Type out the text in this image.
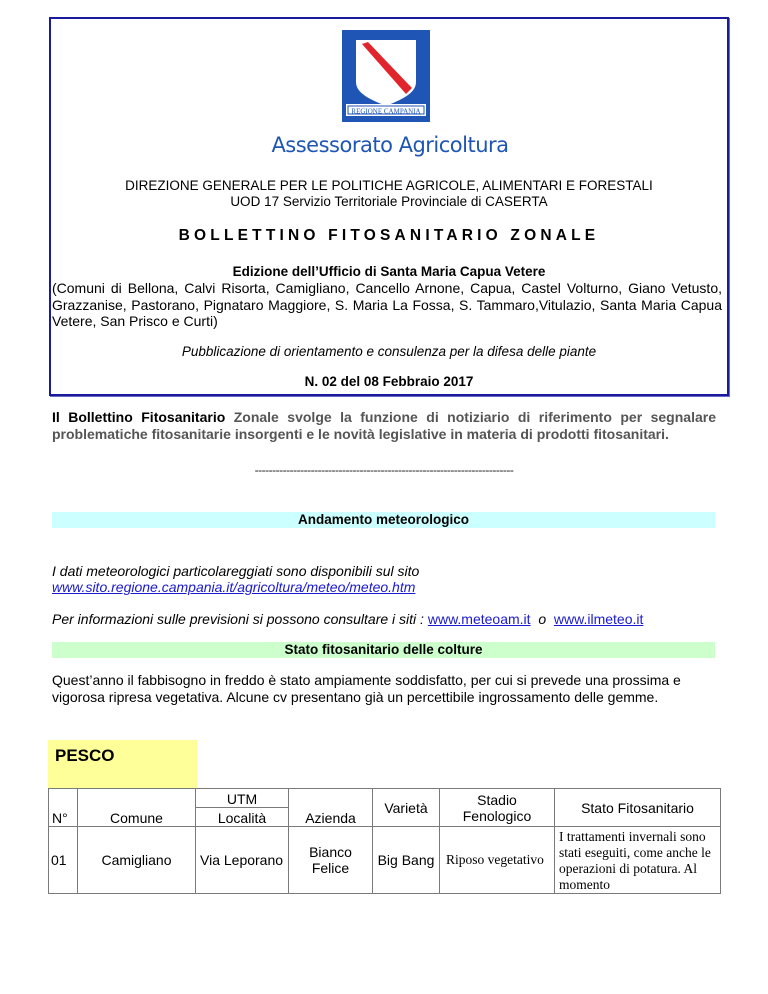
REGIONE CAMPANIA
Assessorato Agricoltura
DIREZIONE GENERALE PER LE POLITICHE AGRICOLE, ALIMENTARI E FORESTALI
UOD 17 Servizio Territoriale Provinciale di CASERTA
BOLLETTINO FITOSANITARIO ZONALE
Edizione dell’Ufficio di Santa Maria Capua Vetere
(Comuni di Bellona, Calvi Risorta, Camigliano, Cancello Arnone, Capua, Castel Volturno, Giano Vetusto, Grazzanise, Pastorano, Pignataro Maggiore, S. Maria La Fossa, S. Tammaro,Vitulazio, Santa Maria Capua Vetere, San Prisco e Curti)
Pubblicazione di orientamento e consulenza per la difesa delle piante
N. 02 del 08 Febbraio 2017
Il Bollettino Fitosanitario Zonale svolge la funzione di notiziario di riferimento per segnalare problematiche fitosanitarie insorgenti e le novità legislative in materia di prodotti fitosanitari.
--------------------------------------------------------------------------
Andamento meteorologico
I dati meteorologici particolareggiati sono disponibili sul sito
www.sito.regione.campania.it/agricoltura/meteo/meteo.htm
Per informazioni sulle previsioni si possono consultare i siti : www.meteoam.it  o  www.ilmeteo.it
Stato fitosanitario delle colture
Quest’anno il fabbisogno in freddo è stato ampiamente soddisfatto, per cui si prevede una prossima e vigorosa ripresa vegetativa. Alcune cv presentano già un percettibile ingrossamento delle gemme.
PESCO
N°	Comune	UTM	Azienda	Varietà	Stadio Fenologico	Stato Fitosanitario
		Località				
01	Camigliano	Via Leporano	Bianco Felice	Big Bang	Riposo vegetativo	I trattamenti invernali sono stati eseguiti, come anche le operazioni di potatura. Al momento
